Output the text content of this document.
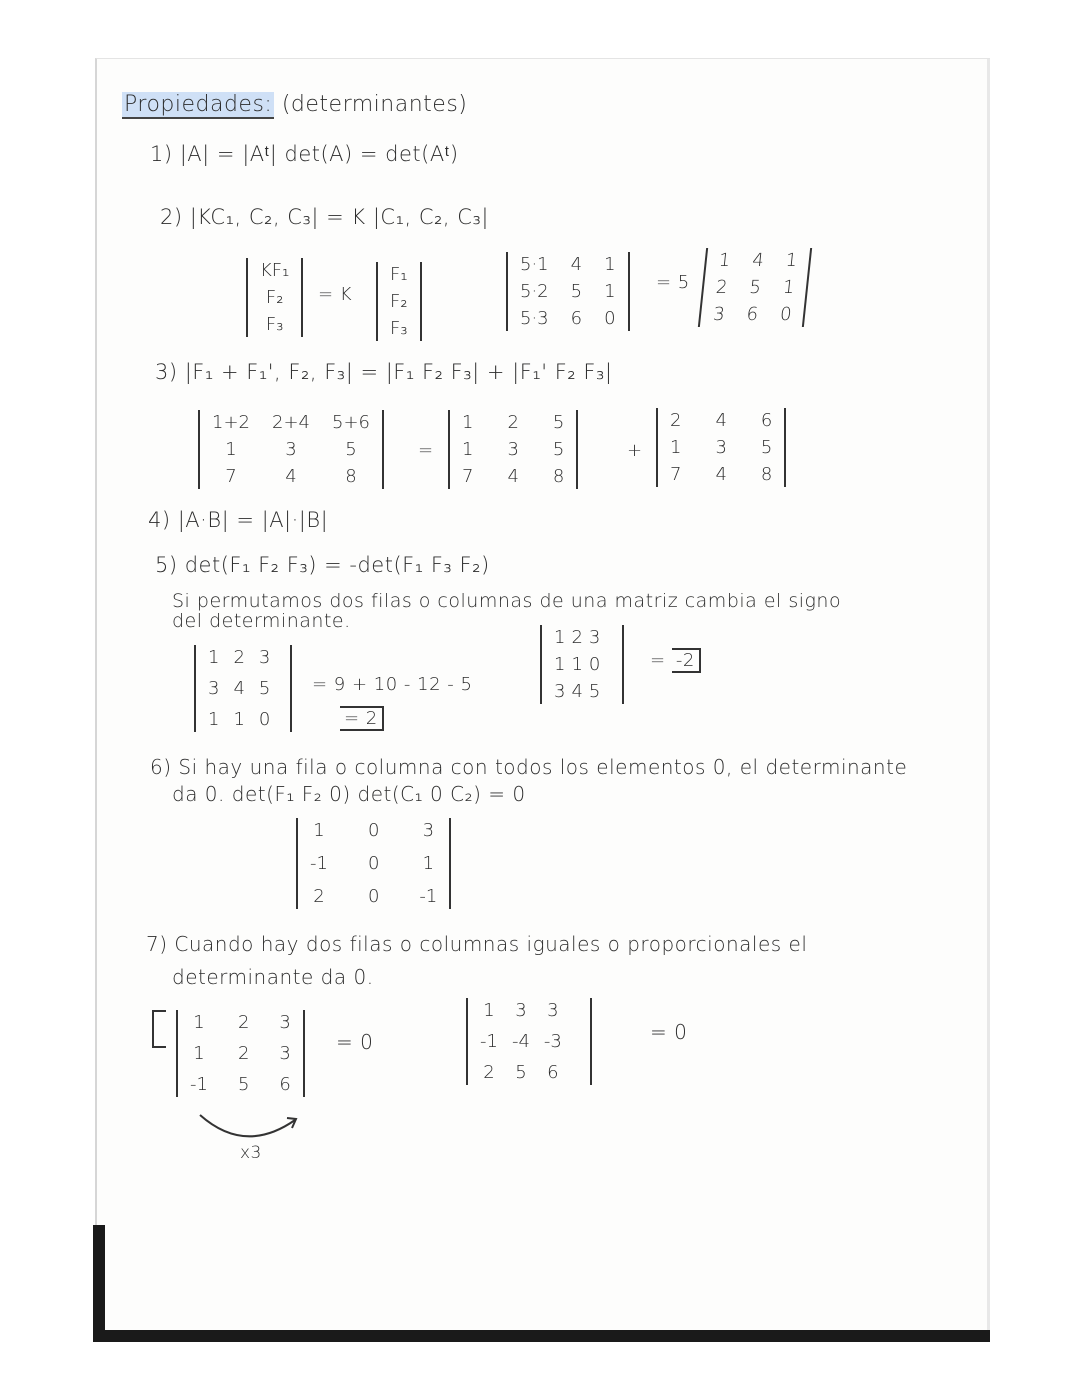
Propiedades: (determinantes)
1) |A| = |Aᵗ| det(A) = det(Aᵗ)
2) |KC₁, C₂, C₃| = K |C₁, C₂, C₃|
KF₁
F₂
F₃
= K
F₁
F₂
F₃
5·1 4 1
5·2 5 1
5·3 6 0
= 5
1 4 1
2 5 1
3 6 0
3) |F₁ + F₁', F₂, F₃| = |F₁ F₂ F₃| + |F₁' F₂ F₃|
1+2 2+4 5+6
1	3	5
7	4	8
=
1 2 5
1 3 5
7 4 8
+
2 4 6
1 3 5
7 4 8
4) |A·B| = |A|·|B|
5) det(F₁ F₂ F₃) = -det(F₁ F₃ F₂)
Si permutamos dos filas o columnas de una matriz cambia el signo
del determinante.
1 2 3
3 4 5
1 1 0
= 9 + 10 - 12 - 5
= 2
1 2 3
1 1 0
3 4 5
= -2
6) Si hay una fila o columna con todos los elementos 0, el determinante
da 0. det(F₁ F₂ 0) det(C₁ 0 C₂) = 0
1 0 3
-1 0 1
2 0 -1
7) Cuando hay dos filas o columnas iguales o proporcionales el
determinante da 0.
1 2 3
1 2 3
-1 5 6
= 0
x3
1 3 3
-1 -4 -3
2 5 6
= 0
